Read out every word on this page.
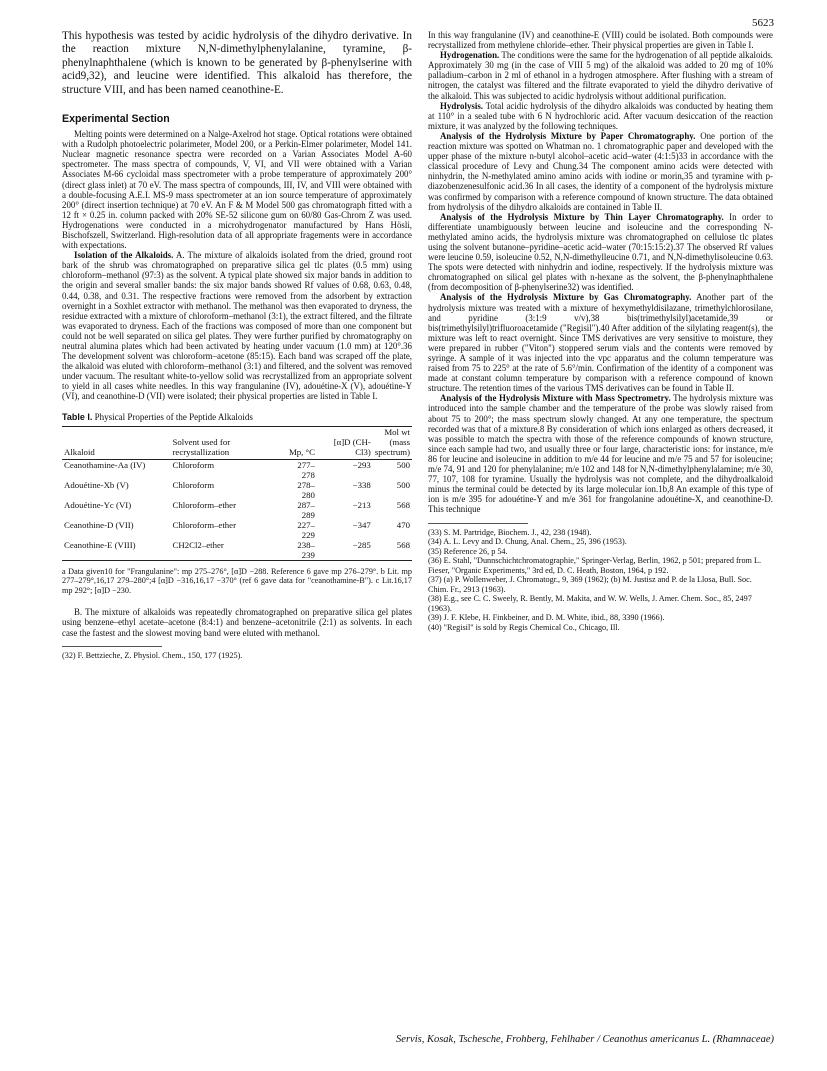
5623

This hypothesis was tested by acidic hydrolysis of the dihydro derivative. In the reaction mixture N,N-dimethylphenylalanine, tyramine, β-phenylnaphthalene (which is known to be generated by β-phenylserine with acid9,32), and leucine were identified. This alkaloid has therefore, the structure VIII, and has been named ceanothine-E.

Experimental Section

Melting points were determined on a Nalge-Axelrod hot stage. Optical rotations were obtained with a Rudolph photoelectric polarimeter, Model 200, or a Perkin-Elmer polarimeter, Model 141. Nuclear magnetic resonance spectra were recorded on a Varian Associates Model A-60 spectrometer. The mass spectra of compounds, V, VI, and VII were obtained with a Varian Associates M-66 cycloidal mass spectrometer with a probe temperature of approximately 200° (direct glass inlet) at 70 eV. The mass spectra of compounds, III, IV, and VIII were obtained with a double-focusing A.E.I. MS-9 mass spectrometer at an ion source temperature of approximately 200° (direct insertion technique) at 70 eV. An F & M Model 500 gas chromatograph fitted with a 12 ft × 0.25 in. column packed with 20% SE-52 silicone gum on 60/80 Gas-Chrom Z was used. Hydrogenations were conducted in a microhydrogenator manufactured by Hans Hösli, Bischofszell, Switzerland. High-resolution data of all appropriate fragements were in accordance with expectations.

Isolation of the Alkaloids. A. The mixture of alkaloids isolated from the dried, ground root bark of the shrub was chromatographed on preparative silica gel tlc plates (0.5 mm) using chloroform–methanol (97:3) as the solvent. A typical plate showed six major bands in addition to the origin and several smaller bands: the six major bands showed Rf values of 0.68, 0.63, 0.48, 0.44, 0.38, and 0.31. The respective fractions were removed from the adsorbent by extraction overnight in a Soxhlet extractor with methanol. The methanol was then evaporated to dryness, the residue extracted with a mixture of chloroform–methanol (3:1), the extract filtered, and the filtrate was evaporated to dryness. Each of the fractions was composed of more than one component but could not be well separated on silica gel plates. They were further purified by chromatography on neutral alumina plates which had been activated by heating under vacuum (1.0 mm) at 120°.36 The development solvent was chloroform–acetone (85:15). Each band was scraped off the plate, the alkaloid was eluted with chloroform–methanol (3:1) and filtered, and the solvent was removed under vacuum. The resultant white-to-yellow solid was recrystallized from an appropriate solvent to yield in all cases white needles. In this way frangulanine (IV), adouétine-X (V), adouétine-Y (VI), and ceanothine-D (VII) were isolated; their physical properties are listed in Table I.

Table I. Physical Properties of the Peptide Alkaloids
Alkaloid	Solvent used for recrystallization	Mp, °C	[α]D (CH-Cl3)	Mol wt (mass spectrum)
Ceanothamine-Aa (IV)	Chloroform	277–278	−293	500
Adouétine-Xb (V)	Chloroform	278–280	−338	500
Adouétine-Yc (VI)	Chloroform–ether	287–289	−213	568
Ceanothine-D (VII)	Chloroform–ether	227–229	−347	470
Ceanothine-E (VIII)	CH2Cl2–ether	238–239	−285	568
a Data given10 for "Frangulanine": mp 275–276°, [α]D −288. Reference 6 gave mp 276–279°. b Lit. mp 277–279°,16,17 279–280°;4 [α]D −316,16,17 −370° (ref 6 gave data for "ceanothamine-B"). c Lit.16,17 mp 292°; [α]D −230.

B. The mixture of alkaloids was repeatedly chromatographed on preparative silica gel plates using benzene–ethyl acetate–acetone (8:4:1) and benzene–acetonitrile (2:1) as solvents. In each case the fastest and the slowest moving band were eluted with methanol.

(32) F. Bettzieche, Z. Physiol. Chem., 150, 177 (1925).

In this way frangulanine (IV) and ceanothine-E (VIII) could be isolated. Both compounds were recrystallized from methylene chloride–ether. Their physical properties are given in Table I.

Hydrogenation. The conditions were the same for the hydrogenation of all peptide alkaloids. Approximately 30 mg (in the case of VIII 5 mg) of the alkaloid was added to 20 mg of 10% palladium–carbon in 2 ml of ethanol in a hydrogen atmosphere. After flushing with a stream of nitrogen, the catalyst was filtered and the filtrate evaporated to yield the dihydro derivative of the alkaloid. This was subjected to acidic hydrolysis without additional purification.

Hydrolysis. Total acidic hydrolysis of the dihydro alkaloids was conducted by heating them at 110° in a sealed tube with 6 N hydrochloric acid. After vacuum desiccation of the reaction mixture, it was analyzed by the following techniques.

Analysis of the Hydrolysis Mixture by Paper Chromatography. One portion of the reaction mixture was spotted on Whatman no. 1 chromatographic paper and developed with the upper phase of the mixture n-butyl alcohol–acetic acid–water (4:1:5)33 in accordance with the classical procedure of Levy and Chung.34 The component amino acids were detected with ninhydrin, the N-methylated amino amino acids with iodine or morin,35 and tyramine with p-diazobenzenesulfonic acid.36 In all cases, the identity of a component of the hydrolysis mixture was confirmed by comparison with a reference compound of known structure. The data obtained from hydrolysis of the dihydro alkaloids are contained in Table II.

Analysis of the Hydrolysis Mixture by Thin Layer Chromatography. In order to differentiate unambiguously between leucine and isoleucine and the corresponding N-methylated amino acids, the hydrolysis mixture was chromatographed on cellulose tlc plates using the solvent butanone–pyridine–acetic acid–water (70:15:15:2).37 The observed Rf values were leucine 0.59, isoleucine 0.52, N,N-dimethylleucine 0.71, and N,N-dimethylisoleucine 0.63. The spots were detected with ninhydrin and iodine, respectively. If the hydrolysis mixture was chromatographed on silical gel plates with n-hexane as the solvent, the β-phenylnaphthalene (from decomposition of β-phenylserine32) was identified.

Analysis of the Hydrolysis Mixture by Gas Chromatography. Another part of the hydrolysis mixture was treated with a mixture of hexymethyldisilazane, trimethylchlorosilane, and pyridine (3:1:9 v/v),38 bis(trimethylsilyl)acetamide,39 or bis(trimethylsilyl)trifluoroacetamide ("Regisil").40 After addition of the silylating reagent(s), the mixture was left to react overnight. Since TMS derivatives are very sensitive to moisture, they were prepared in rubber ("Viton") stoppered serum vials and the contents were removed by syringe. A sample of it was injected into the vpc apparatus and the column temperature was raised from 75 to 225° at the rate of 5.6°/min. Confirmation of the identity of a component was made at constant column temperature by comparison with a reference compound of known structure. The retention times of the various TMS derivatives can be found in Table II.

Analysis of the Hydrolysis Mixture with Mass Spectrometry. The hydrolysis mixture was introduced into the sample chamber and the temperature of the probe was slowly raised from about 75 to 200°; the mass spectrum slowly changed. At any one temperature, the spectrum recorded was that of a mixture.8 By consideration of which ions enlarged as others decreased, it was possible to match the spectra with those of the reference compounds of known structure, since each sample had two, and usually three or four large, characteristic ions: for instance, m/e 86 for leucine and isoleucine in addition to m/e 44 for leucine and m/e 75 and 57 for isoleucine; m/e 74, 91 and 120 for phenylalanine; m/e 102 and 148 for N,N-dimethylphenylalamine; m/e 30, 77, 107, 108 for tyramine. Usually the hydrolysis was not complete, and the dihydroalkaloid minus the terminal could be detected by its large molecular ion.1b,8 An example of this type of ion is m/e 395 for adouétine-Y and m/e 361 for frangolanine adouétine-X, and ceanothine-D. This technique

(33) S. M. Partridge, Biochem. J., 42, 238 (1948).
(34) A. L. Levy and D. Chung, Anal. Chem., 25, 396 (1953).
(35) Reference 26, p 54.
(36) E. Stahl, "Dunnschichtchromatographie," Springer-Verlag, Berlin, 1962, p 501; prepared from L. Fieser, "Organic Experiments," 3rd ed, D. C. Heath, Boston, 1964, p 192.
(37) (a) P. Wollenweber, J. Chromatogr., 9, 369 (1962); (b) M. Justisz and P. de la Llosa, Bull. Soc. Chim. Fr., 2913 (1963).
(38) E.g., see C. C. Sweely, R. Bently, M. Makita, and W. W. Wells, J. Amer. Chem. Soc., 85, 2497 (1963).
(39) J. F. Klebe, H. Finkbeiner, and D. M. White, ibid., 88, 3390 (1966).
(40) "Regisil" is sold by Regis Chemical Co., Chicago, Ill.
Servis, Kosak, Tschesche, Frohberg, Fehlhaber / Ceanothus americanus L. (Rhamnaceae)
